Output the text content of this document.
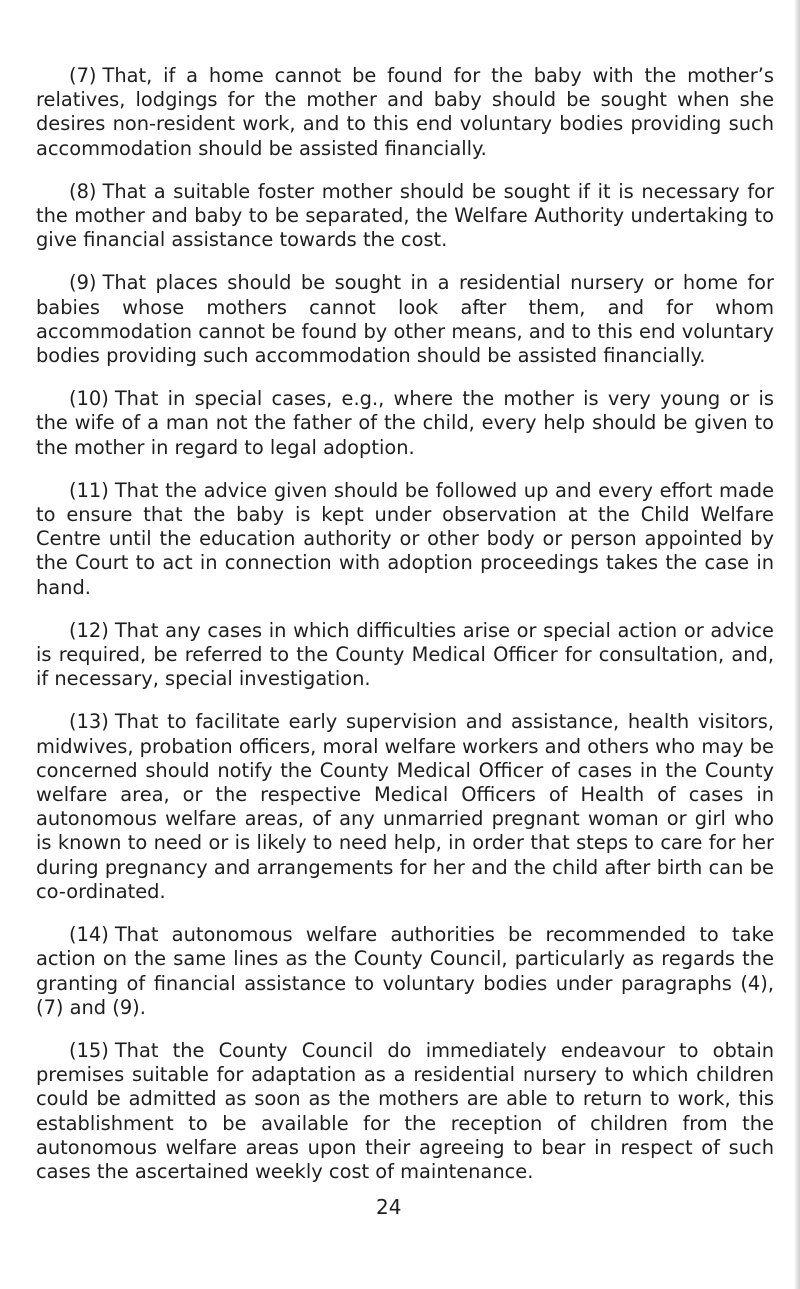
(7) That, if a home cannot be found for the baby with the mother’s relatives, lodgings for the mother and baby should be sought when she desires non-resident work, and to this end voluntary bodies providing such accommodation should be assisted financially.

(8) That a suitable foster mother should be sought if it is necessary for the mother and baby to be separated, the Welfare Authority undertaking to give financial assistance towards the cost.

(9) That places should be sought in a residential nursery or home for babies whose mothers cannot look after them, and for whom accommodation cannot be found by other means, and to this end voluntary bodies providing such accommodation should be assisted financially.

(10) That in special cases, e.g., where the mother is very young or is the wife of a man not the father of the child, every help should be given to the mother in regard to legal adoption.

(11) That the advice given should be followed up and every effort made to ensure that the baby is kept under observation at the Child Welfare Centre until the education authority or other body or person appointed by the Court to act in connection with adoption proceedings takes the case in hand.

(12) That any cases in which difficulties arise or special action or advice is required, be referred to the County Medical Officer for consultation, and, if necessary, special investigation.

(13) That to facilitate early supervision and assistance, health visitors, midwives, probation officers, moral welfare workers and others who may be concerned should notify the County Medical Officer of cases in the County welfare area, or the respective Medical Officers of Health of cases in autonomous welfare areas, of any unmarried pregnant woman or girl who is known to need or is likely to need help, in order that steps to care for her during pregnancy and arrangements for her and the child after birth can be co-ordinated.

(14) That autonomous welfare authorities be recommended to take action on the same lines as the County Council, particularly as regards the granting of financial assistance to voluntary bodies under paragraphs (4), (7) and (9).

(15) That the County Council do immediately endeavour to obtain premises suitable for adaptation as a residential nursery to which children could be admitted as soon as the mothers are able to return to work, this establishment to be available for the reception of children from the autonomous welfare areas upon their agreeing to bear in respect of such cases the ascertained weekly cost of maintenance.

24
